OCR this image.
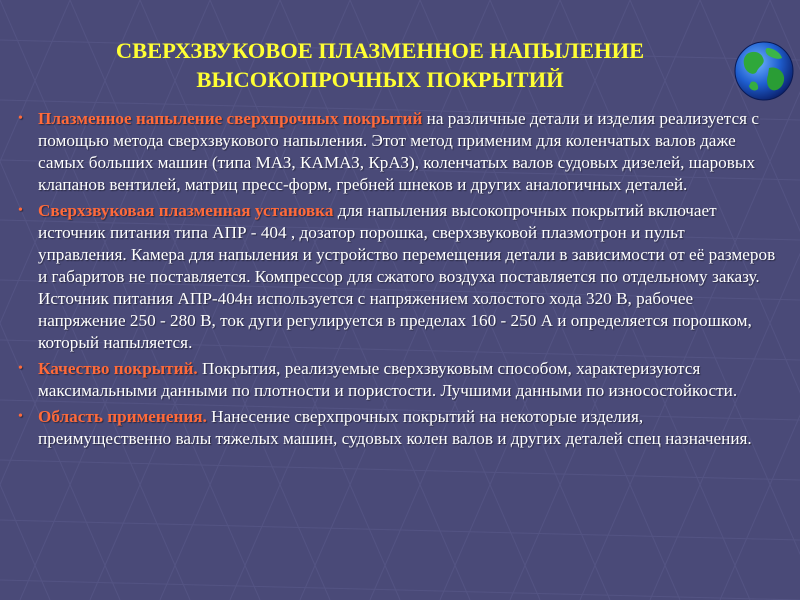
СВЕРХЗВУКОВОЕ ПЛАЗМЕННОЕ НАПЫЛЕНИЕ
ВЫСОКОПРОЧНЫХ ПОКРЫТИЙ
• Плазменное напыление сверхпрочных покрытий на различные детали и изделия реализуется с помощью метода сверхзвукового напыления. Этот метод применим для коленчатых валов даже самых больших машин (типа МАЗ, КАМАЗ, КрАЗ), коленчатых валов судовых дизелей, шаровых клапанов вентилей, матриц пресс-форм, гребней шнеков и других аналогичных деталей.

• Сверхзвуковая плазменная установка для напыления высокопрочных покрытий включает источник питания типа АПР - 404 , дозатор порошка, сверхзвуковой плазмотрон и пульт управления. Камера для напыления и устройство перемещения детали в зависимости от её размеров и габаритов не поставляется. Компрессор для сжатого воздуха поставляется по отдельному заказу.

Источник питания АПР-404н используется с напряжением холостого хода 320 В, рабочее напряжение 250 - 280 В, ток дуги регулируется в пределах 160 - 250 А и определяется порошком, который напыляется.

• Качество покрытий. Покрытия, реализуемые сверхзвуковым способом, характеризуются максимальными данными по плотности и пористости. Лучшими данными по износостойкости.

• Область применения. Нанесение сверхпрочных покрытий на некоторые изделия, преимущественно валы тяжелых машин, судовых колен валов и других деталей спец назначения.
